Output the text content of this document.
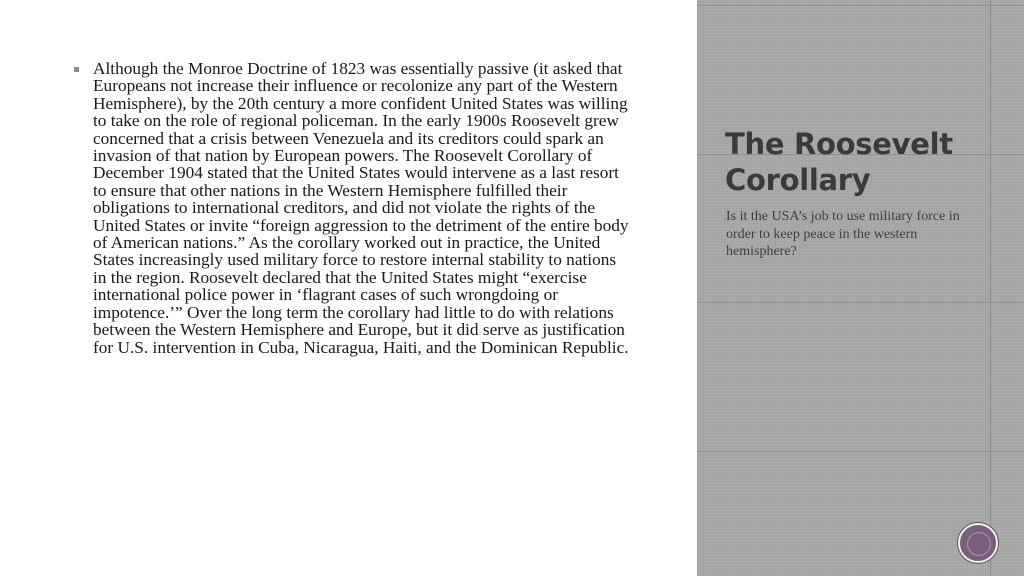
Although the Monroe Doctrine of 1823 was essentially passive (it asked that Europeans not increase their influence or recolonize any part of the Western Hemisphere), by the 20th century a more confident United States was willing to take on the role of regional policeman. In the early 1900s Roosevelt grew concerned that a crisis between Venezuela and its creditors could spark an invasion of that nation by European powers. The Roosevelt Corollary of December 1904 stated that the United States would intervene as a last resort to ensure that other nations in the Western Hemisphere fulfilled their obligations to international creditors, and did not violate the rights of the United States or invite “foreign aggression to the detriment of the entire body of American nations.” As the corollary worked out in practice, the United States increasingly used military force to restore internal stability to nations in the region. Roosevelt declared that the United States might “exercise international police power in ‘flagrant cases of such wrongdoing or impotence.’” Over the long term the corollary had little to do with relations between the Western Hemisphere and Europe, but it did serve as justification for U.S. intervention in Cuba, Nicaragua, Haiti, and the Dominican Republic.

The Roosevelt Corollary

Is it the USA’s job to use military force in order to keep peace in the western hemisphere?
